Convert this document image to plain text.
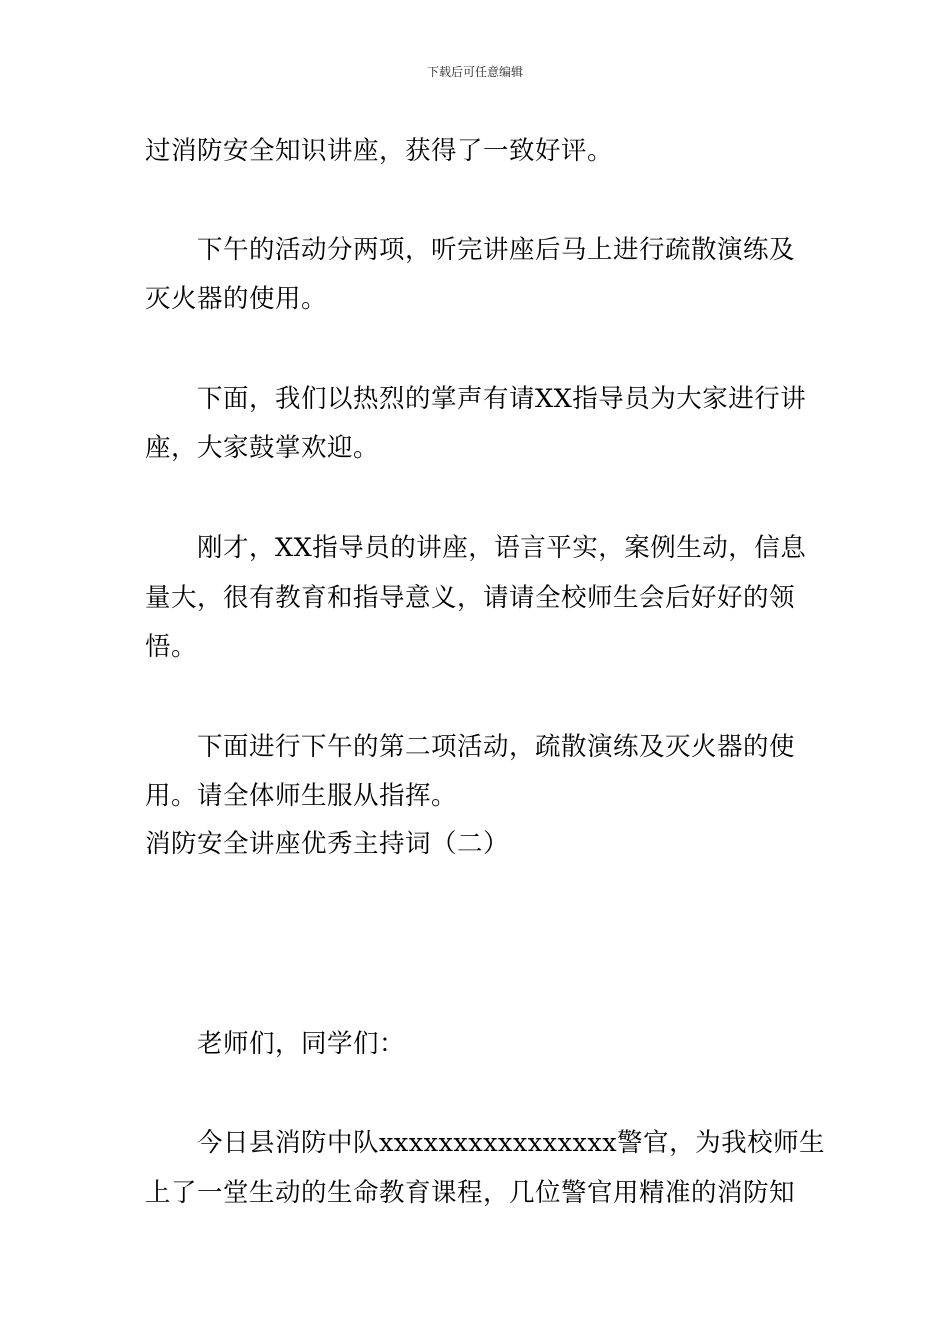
下载后可任意编辑
过消防安全知识讲座，获得了一致好评。
下午的活动分两项，听完讲座后马上进行疏散演练及
灭火器的使用。
下面，我们以热烈的掌声有请XX指导员为大家进行讲
座，大家鼓掌欢迎。
刚才，XX指导员的讲座，语言平实，案例生动，信息
量大，很有教育和指导意义，请请全校师生会后好好的领
悟。
下面进行下午的第二项活动，疏散演练及灭火器的使
用。请全体师生服从指挥。
消防安全讲座优秀主持词（二）
老师们，同学们：
今日县消防中队xxxxxxxxxxxxxxxx警官，为我校师生
上了一堂生动的生命教育课程，几位警官用精准的消防知
